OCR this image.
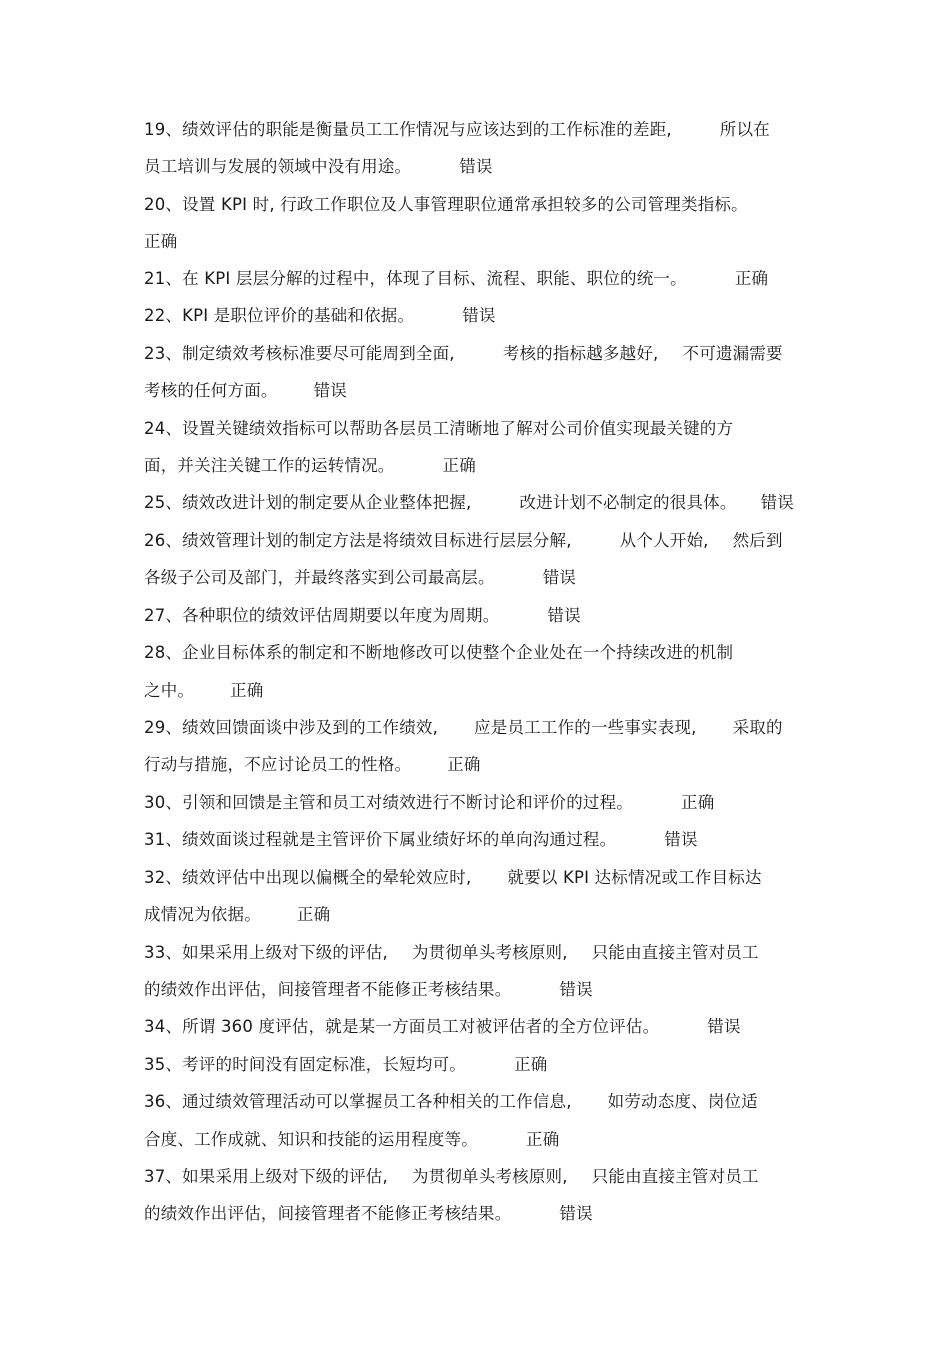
19、绩效评估的职能是衡量员工工作情况与应该达到的工作标准的差距,	所以在
员工培训与发展的领域中没有用途。	错误
20、设置 KPI 时, 行政工作职位及人事管理职位通常承担较多的公司管理类指标。
正确
21、在 KPI 层层分解的过程中，体现了目标、流程、职能、职位的统一。	正确
22、KPI 是职位评价的基础和依据。	错误
23、制定绩效考核标准要尽可能周到全面,	考核的指标越多越好, 不可遗漏需要
考核的任何方面。 错误
24、设置关键绩效指标可以帮助各层员工清晰地了解对公司价值实现最关键的方
面，并关注关键工作的运转情况。	正确
25、绩效改进计划的制定要从企业整体把握,	改进计划不必制定的很具体。 错误
26、绩效管理计划的制定方法是将绩效目标进行层层分解,	从个人开始, 然后到
各级子公司及部门，并最终落实到公司最高层。	错误
27、各种职位的绩效评估周期要以年度为周期。	错误
28、企业目标体系的制定和不断地修改可以使整个企业处在一个持续改进的机制
之中。 正确
29、绩效回馈面谈中涉及到的工作绩效, 应是员工工作的一些事实表现, 采取的
行动与措施，不应讨论员工的性格。 正确
30、引领和回馈是主管和员工对绩效进行不断讨论和评价的过程。	正确
31、绩效面谈过程就是主管评价下属业绩好坏的单向沟通过程。	错误
32、绩效评估中出现以偏概全的晕轮效应时, 就要以 KPI 达标情况或工作目标达
成情况为依据。 正确
33、如果采用上级对下级的评估, 为贯彻单头考核原则, 只能由直接主管对员工
的绩效作出评估，间接管理者不能修正考核结果。	错误
34、所谓 360 度评估，就是某一方面员工对被评估者的全方位评估。	错误
35、考评的时间没有固定标准，长短均可。	正确
36、通过绩效管理活动可以掌握员工各种相关的工作信息, 如劳动态度、岗位适
合度、工作成就、知识和技能的运用程度等。	正确
37、如果采用上级对下级的评估, 为贯彻单头考核原则, 只能由直接主管对员工
的绩效作出评估，间接管理者不能修正考核结果。	错误
